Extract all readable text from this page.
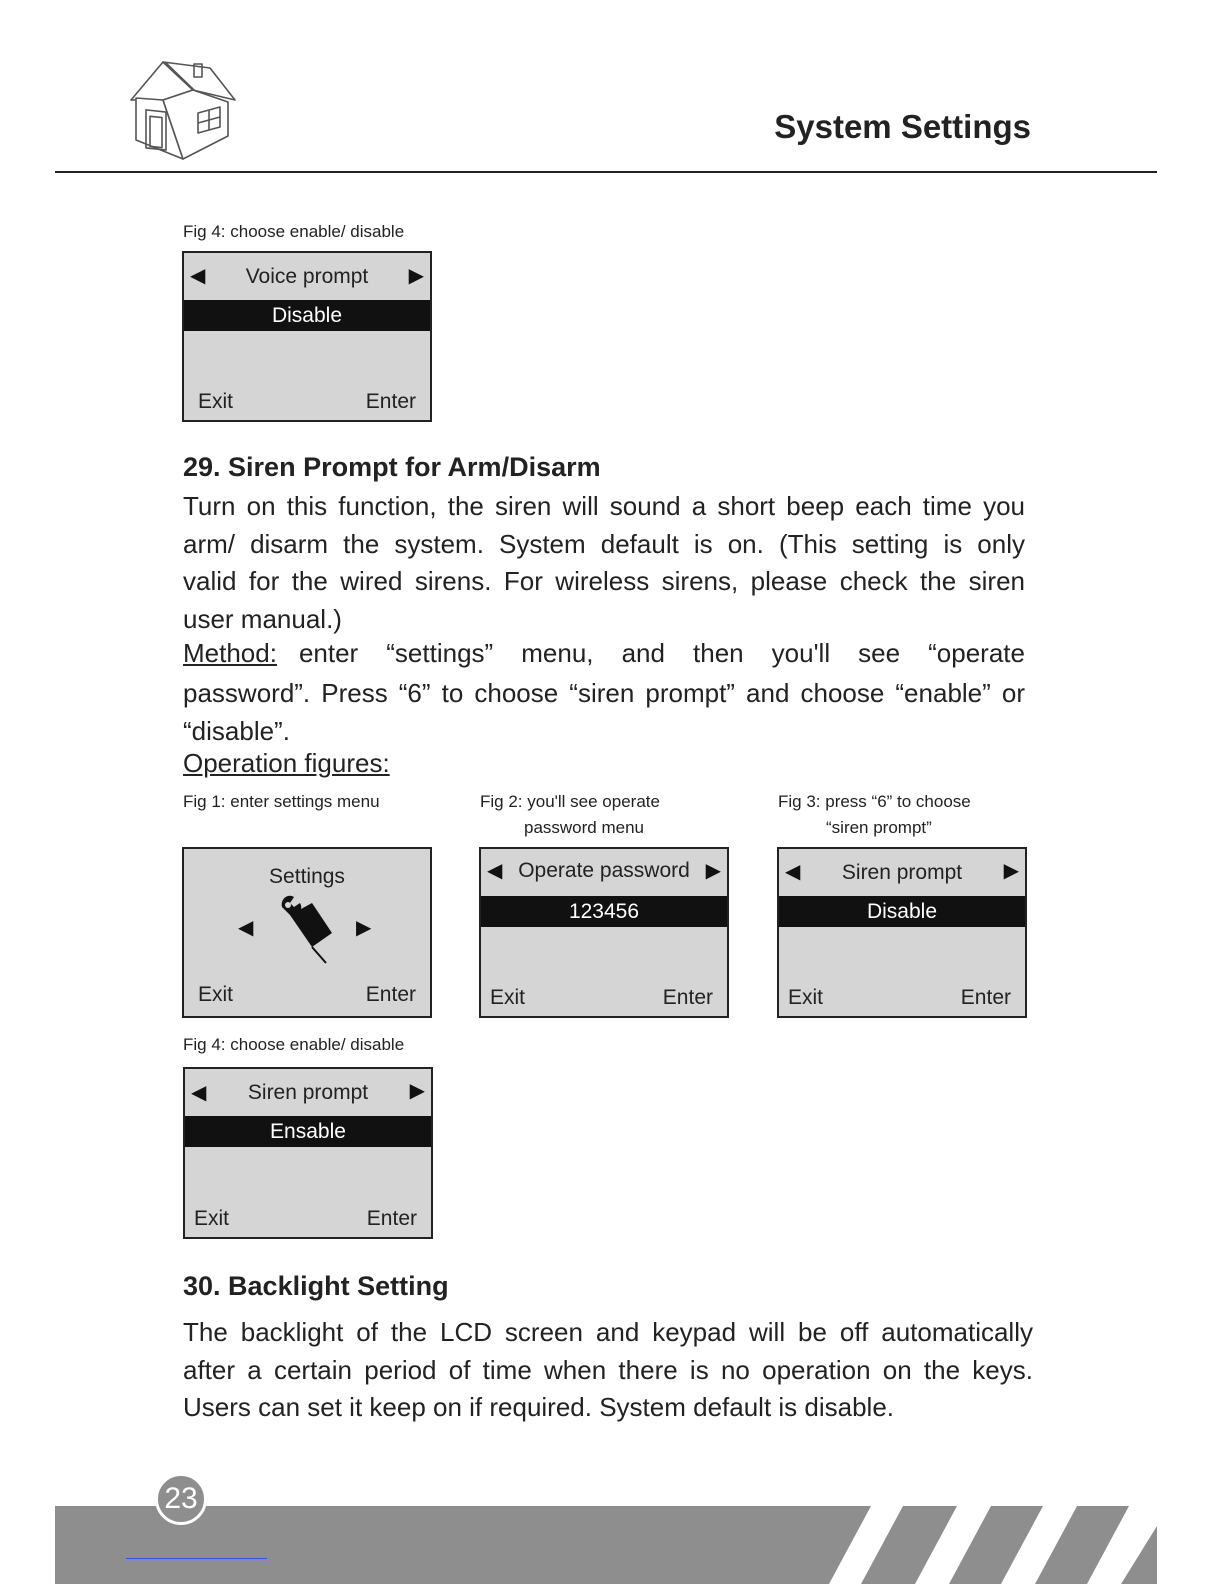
System Settings
Fig 4: choose enable/ disable
◀	Voice prompt	▶
Disable
Exit	Enter
29. Siren Prompt for Arm/Disarm
Turn on this function, the siren will sound a short beep each time you
arm/ disarm the system. System default is on. (This setting is only
valid for the wired sirens. For wireless sirens, please check the siren
user manual.)
Method: enter “settings” menu, and then you'll see “operate
password”. Press “6” to choose “siren prompt” and choose “enable” or
“disable”.
Operation figures:
Fig 1: enter settings menu	Fig 2: you'll see operate
password menu
Fig 3: press “6” to choose
“siren prompt”
Settings
◀	▶
Exit	Enter
◀ Operate password ▶
123456
Exit	Enter
◀	Siren prompt	▶
Disable
Exit	Enter
Fig 4: choose enable/ disable
◀	Siren prompt	▶
Ensable
Exit	Enter
30. Backlight Setting
The backlight of the LCD screen and keypad will be off automatically
after a certain period of time when there is no operation on the keys.
Users can set it keep on if required. System default is disable.
23
